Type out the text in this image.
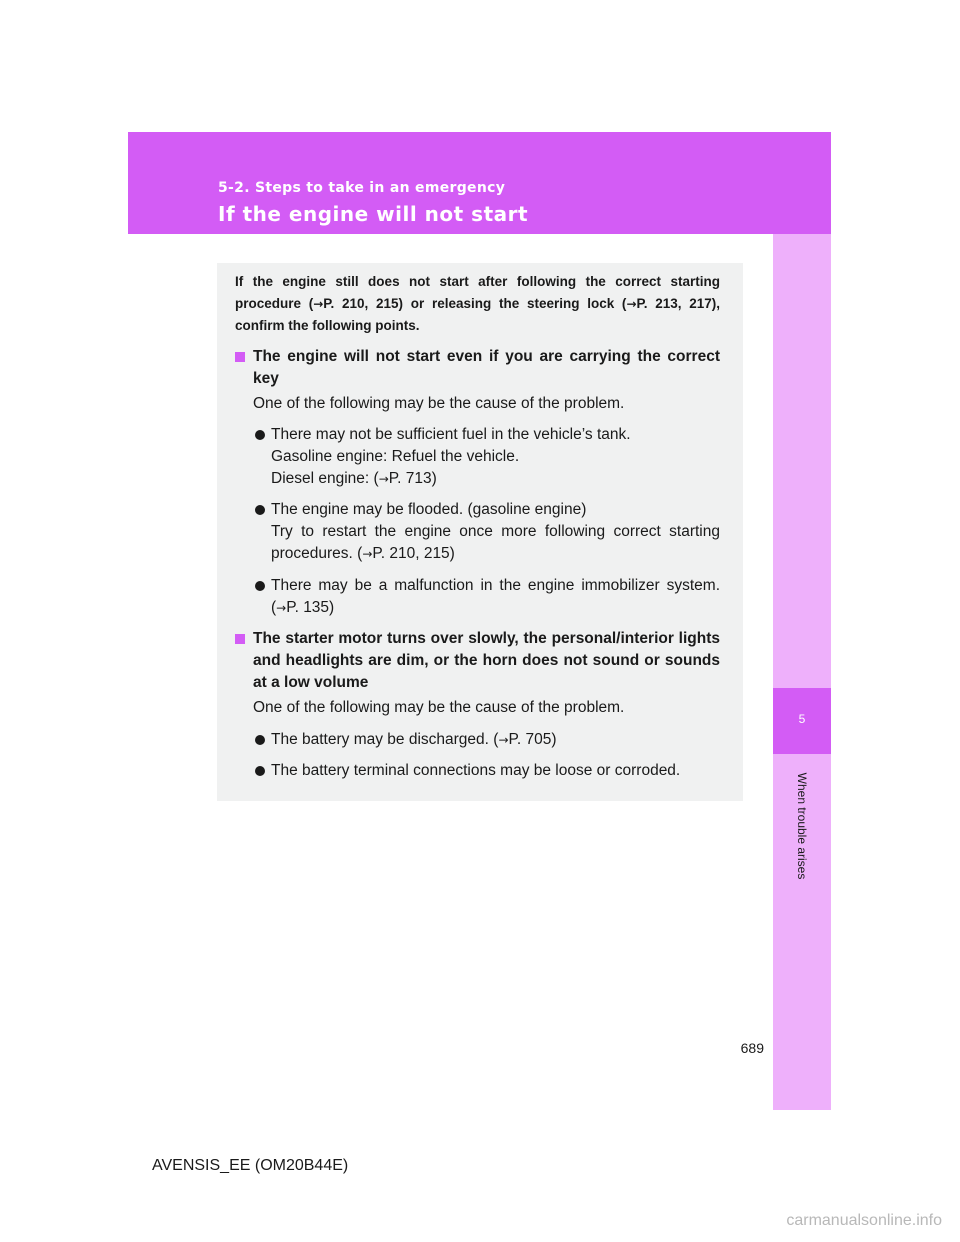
5-2. Steps to take in an emergency
If the engine will not start
5
When trouble arises
If the engine still does not start after following the correct starting procedure (→P. 210, 215) or releasing the steering lock (→P. 213, 217), confirm the following points.
The engine will not start even if you are carrying the correct key
One of the following may be the cause of the problem.
There may not be sufficient fuel in the vehicle’s tank.
Gasoline engine: Refuel the vehicle.
Diesel engine: (→P. 713)
The engine may be flooded. (gasoline engine)
Try to restart the engine once more following correct starting procedures. (→P. 210, 215)
There may be a malfunction in the engine immobilizer system. (→P. 135)
The starter motor turns over slowly, the personal/interior lights and headlights are dim, or the horn does not sound or sounds at a low volume
One of the following may be the cause of the problem.
The battery may be discharged. (→P. 705)
The battery terminal connections may be loose or corroded.
689
AVENSIS_EE (OM20B44E)
carmanualsonline.info
